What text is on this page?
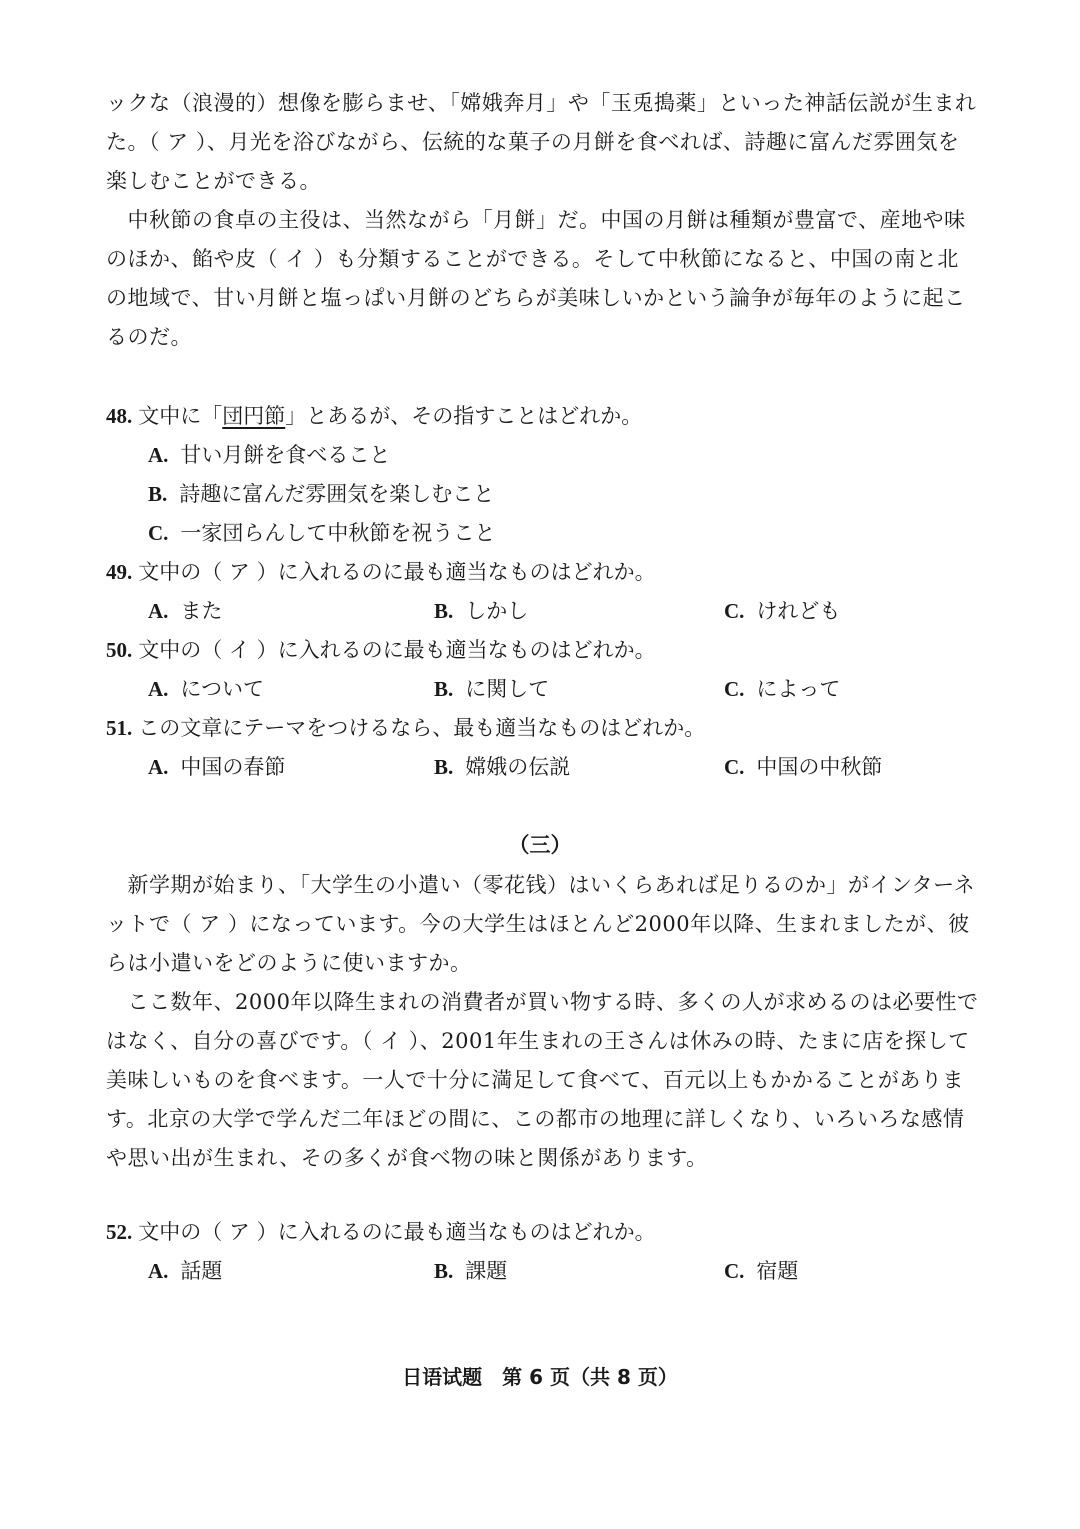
ックな（浪漫的）想像を膨らませ、「嫦娥奔月」や「玉兎搗薬」といった神話伝説が生まれ
た。（ ア ）、月光を浴びながら、伝統的な菓子の月餅を食べれば、詩趣に富んだ雰囲気を
楽しむことができる。
　中秋節の食卓の主役は、当然ながら「月餅」だ。中国の月餅は種類が豊富で、産地や味
のほか、餡や皮（ イ ）も分類することができる。そして中秋節になると、中国の南と北
の地域で、甘い月餅と塩っぱい月餅のどちらが美味しいかという論争が毎年のように起こ
るのだ。
48. 文中に「団円節」とあるが、その指すことはどれか。
A. 甘い月餅を食べること
B. 詩趣に富んだ雰囲気を楽しむこと
C. 一家団らんして中秋節を祝うこと
49. 文中の（ ア ）に入れるのに最も適当なものはどれか。
A. また	B. しかし	C. けれども
50. 文中の（ イ ）に入れるのに最も適当なものはどれか。
A. について	B. に関して	C. によって
51. この文章にテーマをつけるなら、最も適当なものはどれか。
A. 中国の春節	B. 嫦娥の伝説	C. 中国の中秋節
（三）
　新学期が始まり、「大学生の小遣い（零花钱）はいくらあれば足りるのか」がインターネ
ットで（ ア ）になっています。今の大学生はほとんど2000年以降、生まれましたが、彼
らは小遣いをどのように使いますか。
　ここ数年、2000年以降生まれの消費者が買い物する時、多くの人が求めるのは必要性で
はなく、自分の喜びです。（ イ ）、2001年生まれの王さんは休みの時、たまに店を探して
美味しいものを食べます。一人で十分に満足して食べて、百元以上もかかることがありま
す。北京の大学で学んだ二年ほどの間に、この都市の地理に詳しくなり、いろいろな感情
や思い出が生まれ、その多くが食べ物の味と関係があります。
52. 文中の（ ア ）に入れるのに最も適当なものはどれか。
A. 話題	B. 課題	C. 宿題
日语试题　第 6 页（共 8 页）
